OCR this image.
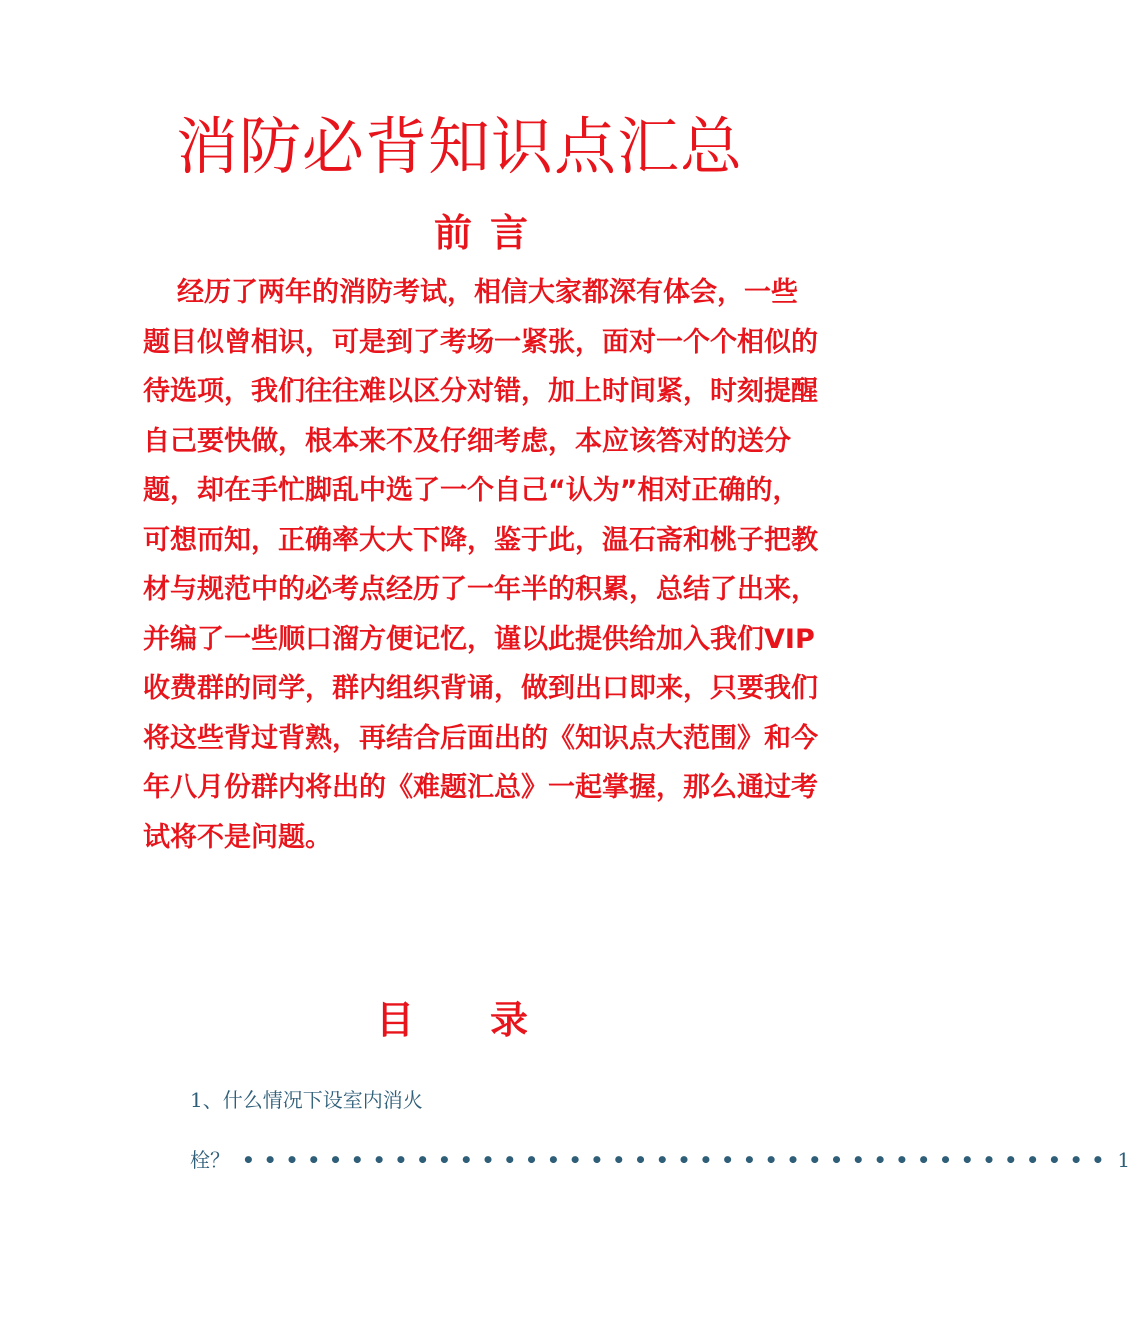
消防必背知识点汇总
前言

经历了两年的消防考试，相信大家都深有体会，一些题目似曾相识，可是到了考场一紧张，面对一个个相似的待选项，我们往往难以区分对错，加上时间紧，时刻提醒自己要快做，根本来不及仔细考虑，本应该答对的送分题，却在手忙脚乱中选了一个自己“认为”相对正确的，可想而知，正确率大大下降，鉴于此，温石斋和桃子把教材与规范中的必考点经历了一年半的积累，总结了出来，并编了一些顺口溜方便记忆，谨以此提供给加入我们VIP收费群的同学，群内组织背诵，做到出口即来，只要我们将这些背过背熟，再结合后面出的《知识点大范围》和今年八月份群内将出的《难题汇总》一起掌握，那么通过考试将不是问题。

目录
1、什么情况下设室内消火
栓？ •••••••••••••••••••••••••••••••••••••••• 1
